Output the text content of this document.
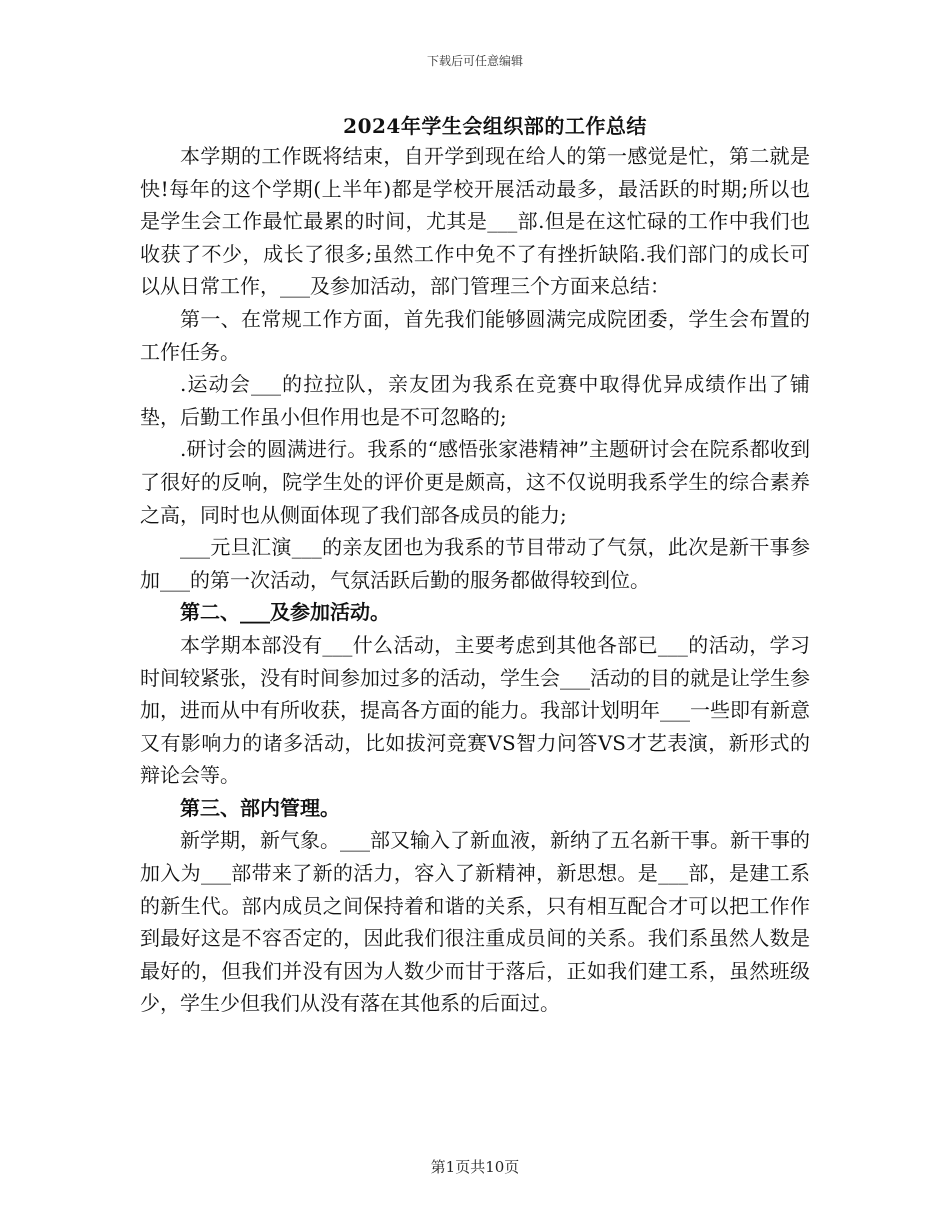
下载后可任意编辑
2024年学生会组织部的工作总结

本学期的工作既将结束，自开学到现在给人的第一感觉是忙，第二就是快!每年的这个学期(上半年)都是学校开展活动最多，最活跃的时期;所以也是学生会工作最忙最累的时间，尤其是___部.但是在这忙碌的工作中我们也收获了不少，成长了很多;虽然工作中免不了有挫折缺陷.我们部门的成长可以从日常工作，___及参加活动，部门管理三个方面来总结：

第一、在常规工作方面，首先我们能够圆满完成院团委，学生会布置的工作任务。

.运动会___的拉拉队，亲友团为我系在竞赛中取得优异成绩作出了铺垫，后勤工作虽小但作用也是不可忽略的;

.研讨会的圆满进行。我系的“感悟张家港精神”主题研讨会在院系都收到了很好的反响，院学生处的评价更是颇高，这不仅说明我系学生的综合素养之高，同时也从侧面体现了我们部各成员的能力;

___元旦汇演___的亲友团也为我系的节目带动了气氛，此次是新干事参加___的第一次活动，气氛活跃后勤的服务都做得较到位。

第二、___及参加活动。

本学期本部没有___什么活动，主要考虑到其他各部已___的活动，学习时间较紧张，没有时间参加过多的活动，学生会___活动的目的就是让学生参加，进而从中有所收获，提高各方面的能力。我部计划明年___一些即有新意又有影响力的诸多活动，比如拔河竞赛VS智力问答VS才艺表演，新形式的辩论会等。

第三、部内管理。

新学期，新气象。___部又输入了新血液，新纳了五名新干事。新干事的加入为___部带来了新的活力，容入了新精神，新思想。是___部，是建工系的新生代。部内成员之间保持着和谐的关系，只有相互配合才可以把工作作到最好这是不容否定的，因此我们很注重成员间的关系。我们系虽然人数是最好的，但我们并没有因为人数少而甘于落后，正如我们建工系，虽然班级少，学生少但我们从没有落在其他系的后面过。

第1页共10页
